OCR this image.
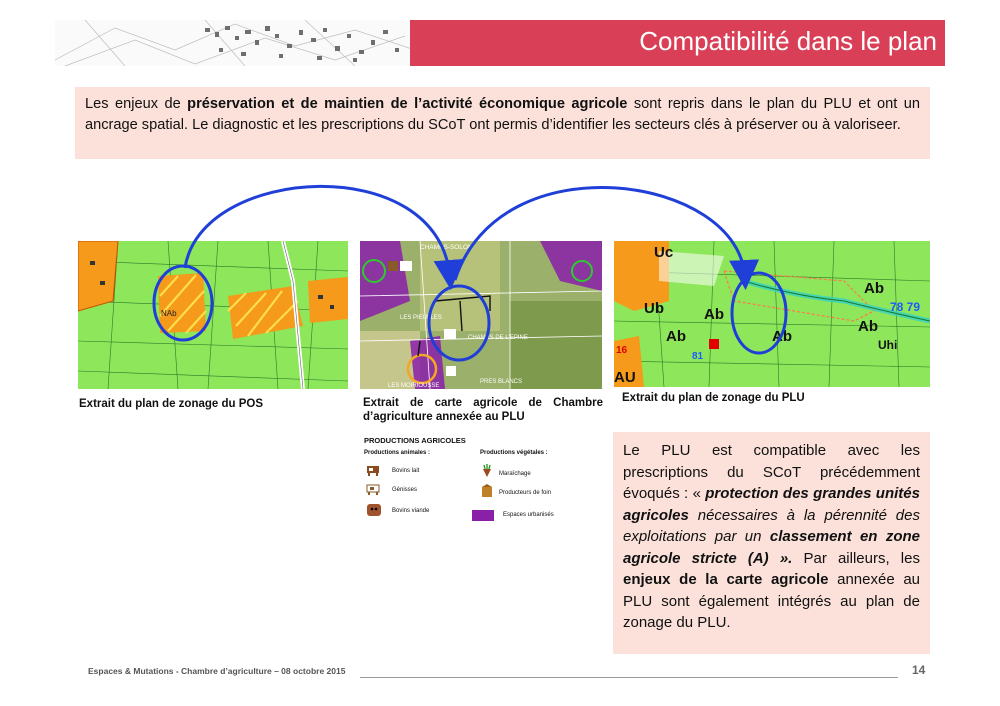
Compatibilité dans le plan
Les enjeux de préservation et de maintien de l’activité économique agricole sont repris dans le plan du PLU et ont un ancrage spatial. Le diagnostic et les prescriptions du SCoT ont permis d’identifier les secteurs clés à préserver ou à valoriseer.
NAb
CHAMPS-SOLON
LES PIEULLES
CHAMPS DE L'EPINE
PRES BLANCS
LES MOIRIOUSSE
Ub
Ab
Ab
Ab
Ab
Ab
Uhi
AU
Uc
78 79
81
16
Extrait du plan de zonage du POS	Extrait de carte agricole de Chambre d’agriculture annexée au PLU
Extrait du plan de zonage du PLU
PRODUCTIONS AGRICOLES
Productions animales :	Productions végétales :
Bovins lait
Génisses
Bovins viande
Maraîchage
Producteurs de foin
Espaces urbanisés
Le PLU est compatible avec les prescriptions du SCoT précédemment évoqués : « protection des grandes unités agricoles nécessaires à la pérennité des exploitations par un classement en zone agricole stricte (A) ». Par ailleurs, les enjeux de la carte agricole annexée au PLU sont également intégrés au plan de zonage du PLU.
Espaces & Mutations - Chambre d’agriculture – 08 octobre 2015	14
